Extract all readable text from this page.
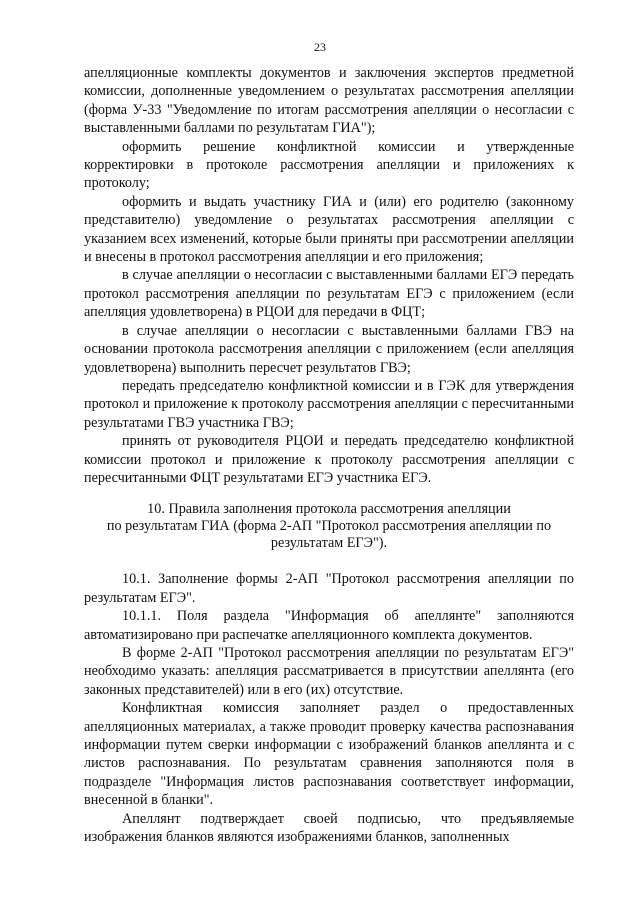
23

апелляционные комплекты документов и заключения экспертов предметной комиссии, дополненные уведомлением о результатах рассмотрения апелляции (форма У-33 "Уведомление по итогам рассмотрения апелляции о несогласии с выставленными баллами по результатам ГИА");

оформить решение конфликтной комиссии и утвержденные корректировки в протоколе рассмотрения апелляции и приложениях к протоколу;

оформить и выдать участнику ГИА и (или) его родителю (законному представителю) уведомление о результатах рассмотрения апелляции с указанием всех изменений, которые были приняты при рассмотрении апелляции и внесены в протокол рассмотрения апелляции и его приложения;

в случае апелляции о несогласии с выставленными баллами ЕГЭ передать протокол рассмотрения апелляции по результатам ЕГЭ с приложением (если апелляция удовлетворена) в РЦОИ для передачи в ФЦТ;

в случае апелляции о несогласии с выставленными баллами ГВЭ на основании протокола рассмотрения апелляции с приложением (если апелляция удовлетворена) выполнить пересчет результатов ГВЭ;

передать председателю конфликтной комиссии и в ГЭК для утверждения протокол и приложение к протоколу рассмотрения апелляции с пересчитанными результатами ГВЭ участника ГВЭ;

принять от руководителя РЦОИ и передать председателю конфликтной комиссии протокол и приложение к протоколу рассмотрения апелляции с пересчитанными ФЦТ результатами ЕГЭ участника ЕГЭ.

10. Правила заполнения протокола рассмотрения апелляции
по результатам ГИА (форма 2-АП "Протокол рассмотрения апелляции по
результатам ЕГЭ").

10.1. Заполнение формы 2-АП "Протокол рассмотрения апелляции по результатам ЕГЭ".

10.1.1. Поля раздела "Информация об апеллянте" заполняются автоматизировано при распечатке апелляционного комплекта документов.

В форме 2-АП "Протокол рассмотрения апелляции по результатам ЕГЭ" необходимо указать: апелляция рассматривается в присутствии апеллянта (его законных представителей) или в его (их) отсутствие.

Конфликтная комиссия заполняет раздел о предоставленных апелляционных материалах, а также проводит проверку качества распознавания информации путем сверки информации с изображений бланков апеллянта и с листов распознавания. По результатам сравнения заполняются поля в подразделе "Информация листов распознавания соответствует информации, внесенной в бланки".

Апеллянт подтверждает своей подписью, что предъявляемые изображения бланков являются изображениями бланков, заполненных
